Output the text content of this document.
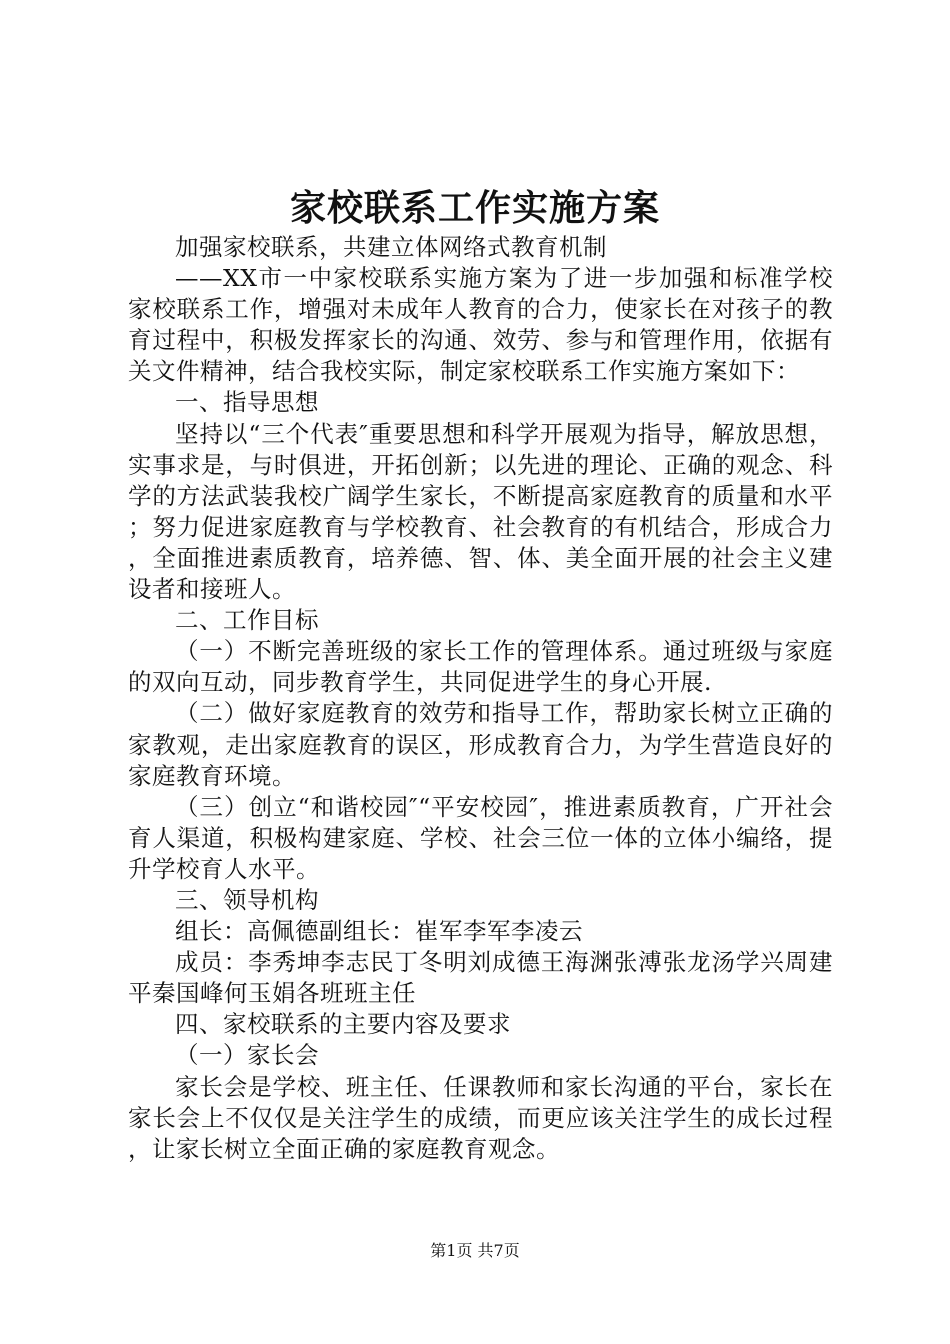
家校联系工作实施方案

加强家校联系，共建立体网络式教育机制

——XX市一中家校联系实施方案为了进一步加强和标准学校家校联系工作，增强对未成年人教育的合力，使家长在对孩子的教育过程中，积极发挥家长的沟通、效劳、参与和管理作用，依据有关文件精神，结合我校实际，制定家校联系工作实施方案如下：

一、指导思想

坚持以“三个代表″重要思想和科学开展观为指导，解放思想，实事求是，与时俱进，开拓创新；以先进的理论、正确的观念、科学的方法武装我校广阔学生家长，不断提高家庭教育的质量和水平；努力促进家庭教育与学校教育、社会教育的有机结合，形成合力，全面推进素质教育，培养德、智、体、美全面开展的社会主义建设者和接班人。

二、工作目标

（一）不断完善班级的家长工作的管理体系。通过班级与家庭的双向互动，同步教育学生，共同促进学生的身心开展.

（二）做好家庭教育的效劳和指导工作，帮助家长树立正确的家教观，走出家庭教育的误区，形成教育合力，为学生营造良好的家庭教育环境。

（三）创立“和谐校园″“平安校园″，推进素质教育，广开社会育人渠道，积极构建家庭、学校、社会三位一体的立体小编络，提升学校育人水平。

三、领导机构

组长：高佩德副组长：崔军李军李凌云

成员：李秀坤李志民丁冬明刘成德王海渊张溥张龙汤学兴周建平秦国峰何玉娟各班班主任

四、家校联系的主要内容及要求

（一）家长会

家长会是学校、班主任、任课教师和家长沟通的平台，家长在家长会上不仅仅是关注学生的成绩，而更应该关注学生的成长过程，让家长树立全面正确的家庭教育观念。

第1页 共7页
